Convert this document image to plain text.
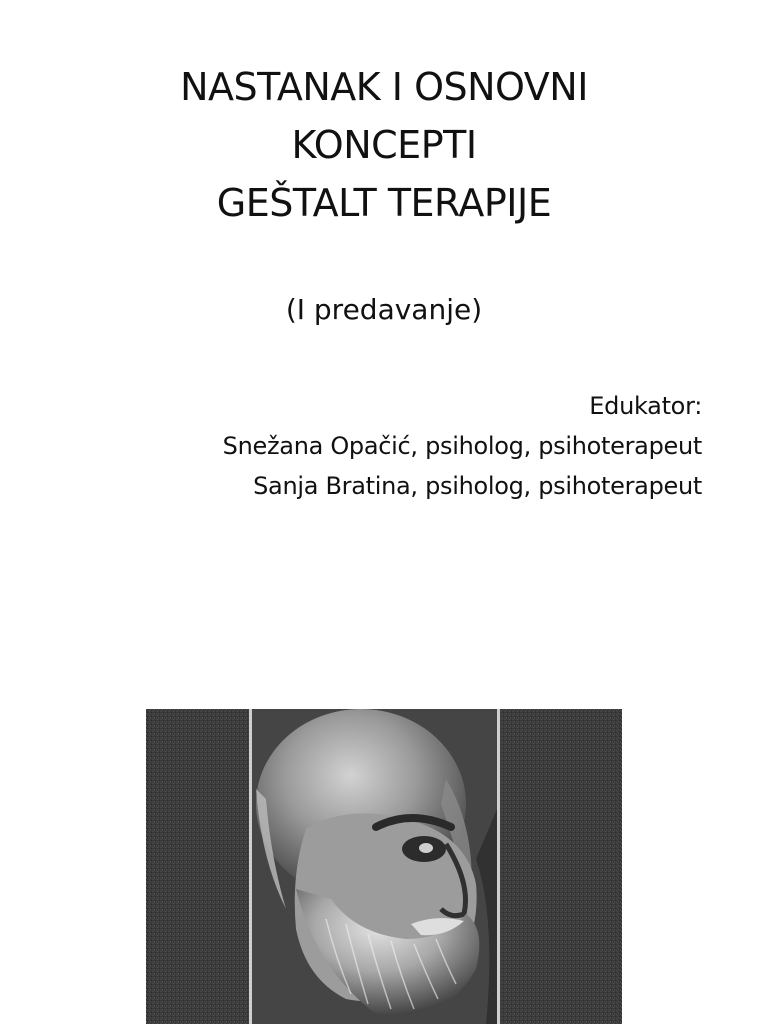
NASTANAK I OSNOVNI
KONCEPTI
GEŠTALT TERAPIJE

(I predavanje)

Edukator:
Snežana Opačić, psiholog, psihoterapeut
Sanja Bratina, psiholog, psihoterapeut
